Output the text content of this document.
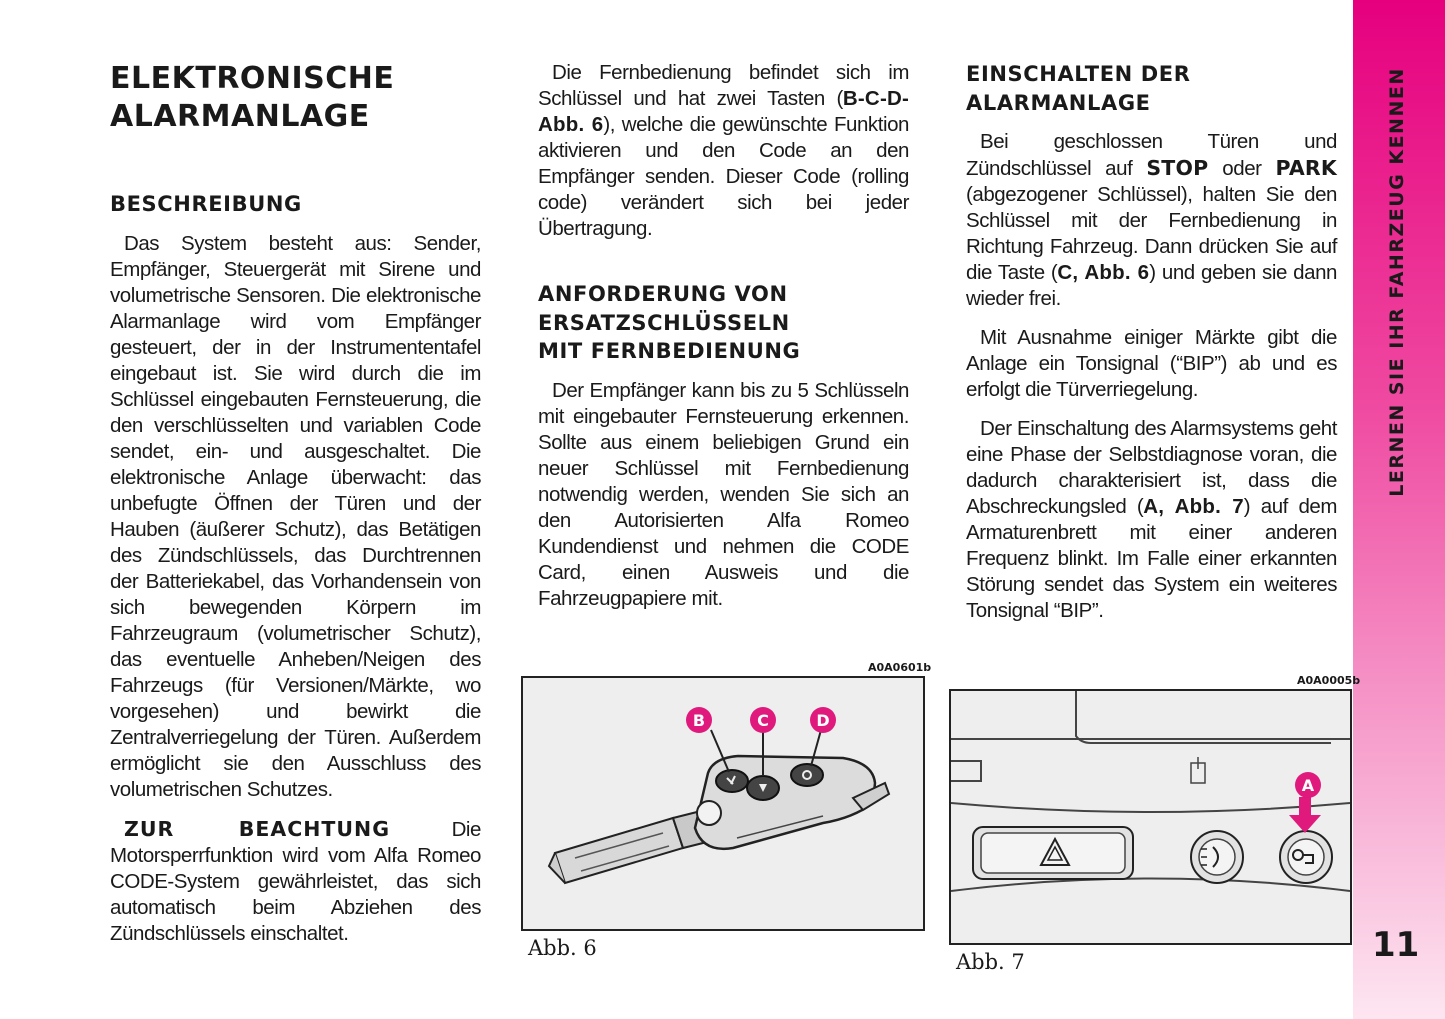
LERNEN SIE IHR FAHRZEUG KENNEN
11
ELEKTRONISCHE
ALARMANLAGE
BESCHREIBUNG

Das System besteht aus: Sender, Empfänger, Steuergerät mit Sirene und volumetrische Sensoren. Die elektronische Alarmanlage wird vom Empfänger gesteuert, der in der Instrumententafel eingebaut ist. Sie wird durch die im Schlüssel eingebauten Fernsteuerung, die den verschlüsselten und variablen Code sendet, ein- und ausgeschaltet. Die elektronische Anlage überwacht: das unbefugte Öffnen der Türen und der Hauben (äußerer Schutz), das Betätigen des Zündschlüssels, das Durchtrennen der Batteriekabel, das Vorhandensein von sich bewegenden Körpern im Fahrzeugraum (volumetrischer Schutz), das eventuelle Anheben/Neigen des Fahrzeugs (für Versionen/Märkte, wo vorgesehen) und bewirkt die Zentralverriegelung der Türen. Außerdem ermöglicht sie den Ausschluss des volumetrischen Schutzes.

ZUR BEACHTUNG	Die Motorsperrfunktion wird vom Alfa Romeo CODE-System gewährleistet, das sich automatisch beim Abziehen des Zündschlüssels einschaltet.

Die Fernbedienung befindet sich im Schlüssel und hat zwei Tasten (B-C-D-Abb. 6), welche die gewünschte Funktion aktivieren und den Code an den Empfänger senden. Dieser Code (rolling code) verändert sich bei jeder Übertragung.

ANFORDERUNG VON
ERSATZSCHLÜSSELN
MIT FERNBEDIENUNG

Der Empfänger kann bis zu 5 Schlüsseln mit eingebauter Fernsteuerung erkennen. Sollte aus einem beliebigen Grund ein neuer Schlüssel mit Fernbedienung notwendig werden, wenden Sie sich an den Autorisierten Alfa Romeo Kundendienst und nehmen die CODE Card, einen Ausweis und die Fahrzeugpapiere mit.

EINSCHALTEN DER
ALARMANLAGE

Bei geschlossen Türen und Zündschlüssel auf STOP oder PARK (abgezogener Schlüssel), halten Sie den Schlüssel mit der Fernbedienung in Richtung Fahrzeug. Dann drücken Sie auf die Taste (C, Abb. 6) und geben sie dann wieder frei.

Mit Ausnahme einiger Märkte gibt die Anlage ein Tonsignal (“BIP”) ab und es erfolgt die Türverriegelung.

Der Einschaltung des Alarmsystems geht eine Phase der Selbstdiagnose voran, die dadurch charakterisiert ist, dass die Abschreckungsled (A, Abb. 7) auf dem Armaturenbrett mit einer anderen Frequenz blinkt. Im Falle einer erkannten Störung sendet das System ein weiteres Tonsignal “BIP”.

A0A0601b
B	C	D
Abb. 6
A0A0005b
A
Abb. 7
